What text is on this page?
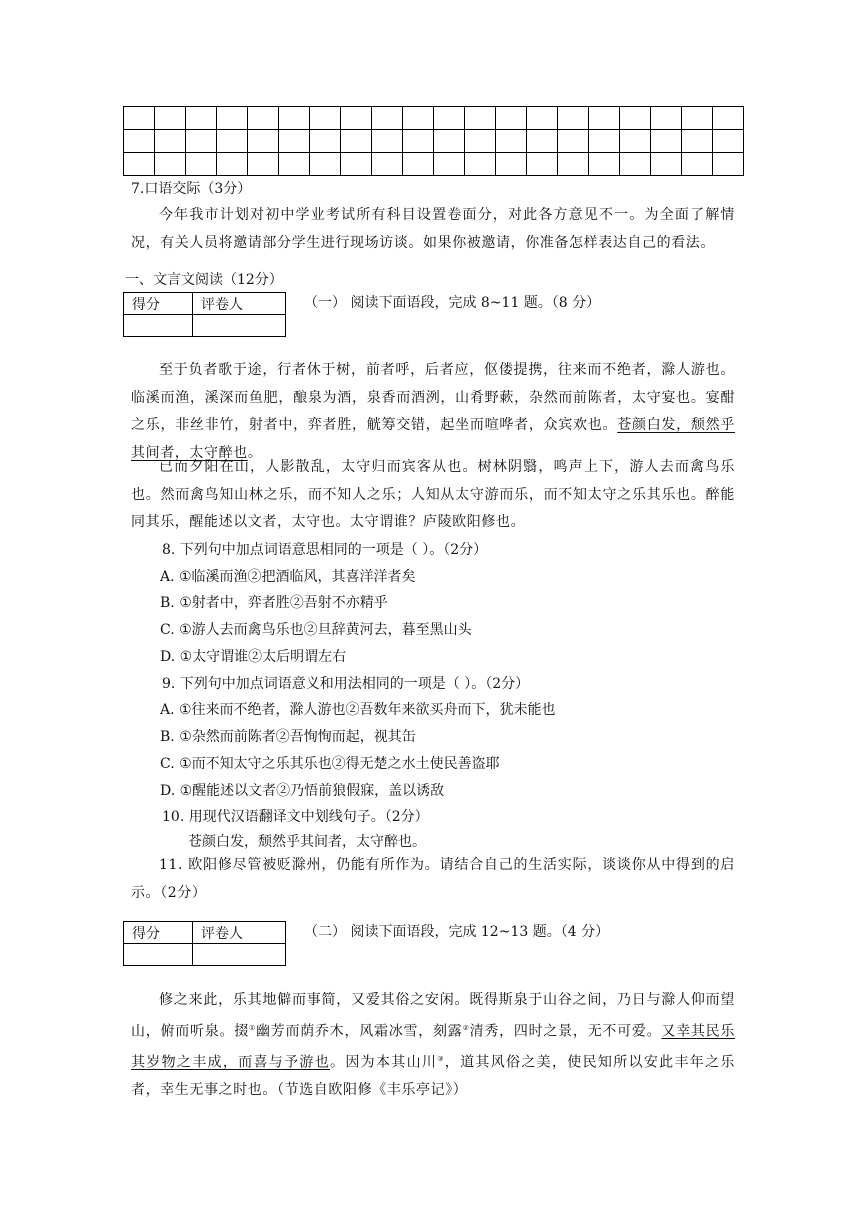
7.口语交际（3分）
今年我市计划对初中学业考试所有科目设置卷面分，对此各方意见不一。为全面了解情况，有关人员将邀请部分学生进行现场访谈。如果你被邀请，你准备怎样表达自己的看法。
一、文言文阅读（12分）
得分	评卷人
		（一） 阅读下面语段，完成 8~11 题。（8 分）
至于负者歌于途，行者休于树，前者呼，后者应，伛偻提携，往来而不绝者，滁人游也。临溪而渔，溪深而鱼肥，酿泉为酒，泉香而酒洌，山肴野蔌，杂然而前陈者，太守宴也。宴酣之乐，非丝非竹，射者中，弈者胜，觥筹交错，起坐而喧哗者，众宾欢也。苍颜白发，颓然乎其间者，太守醉也。
已而夕阳在山，人影散乱，太守归而宾客从也。树林阴翳，鸣声上下，游人去而禽鸟乐也。然而禽鸟知山林之乐，而不知人之乐；人知从太守游而乐，而不知太守之乐其乐也。醉能同其乐，醒能述以文者，太守也。太守谓谁？庐陵欧阳修也。
8. 下列句中加点词语意思相同的一项是（ ）。（2分）
A. ①临溪而渔②把酒临风，其喜洋洋者矣
B. ①射者中，弈者胜②吾射不亦精乎
C. ①游人去而禽鸟乐也②旦辞黄河去，暮至黑山头
D. ①太守谓谁②太后明谓左右
9. 下列句中加点词语意义和用法相同的一项是（ ）。（2分）
A. ①往来而不绝者，滁人游也②吾数年来欲买舟而下，犹未能也
B. ①杂然而前陈者②吾恂恂而起，视其缶
C. ①而不知太守之乐其乐也②得无楚之水土使民善盗耶
D. ①醒能述以文者②乃悟前狼假寐，盖以诱敌
10. 用现代汉语翻译文中划线句子。（2分）
苍颜白发，颓然乎其间者，太守醉也。
11. 欧阳修尽管被贬滁州，仍能有所作为。请结合自己的生活实际，谈谈你从中得到的启示。（2分）
得分	评卷人
		（二） 阅读下面语段，完成 12~13 题。（4 分）
修之来此，乐其地僻而事简，又爱其俗之安闲。既得斯泉于山谷之间，乃日与滁人仰而望山，俯而听泉。掇①幽芳而荫乔木，风霜冰雪，刻露②清秀，四时之景，无不可爱。又幸其民乐其岁物之丰成，而喜与予游也。因为本其山川③，道其风俗之美，使民知所以安此丰年之乐者，幸生无事之时也。（节选自欧阳修《丰乐亭记》）
